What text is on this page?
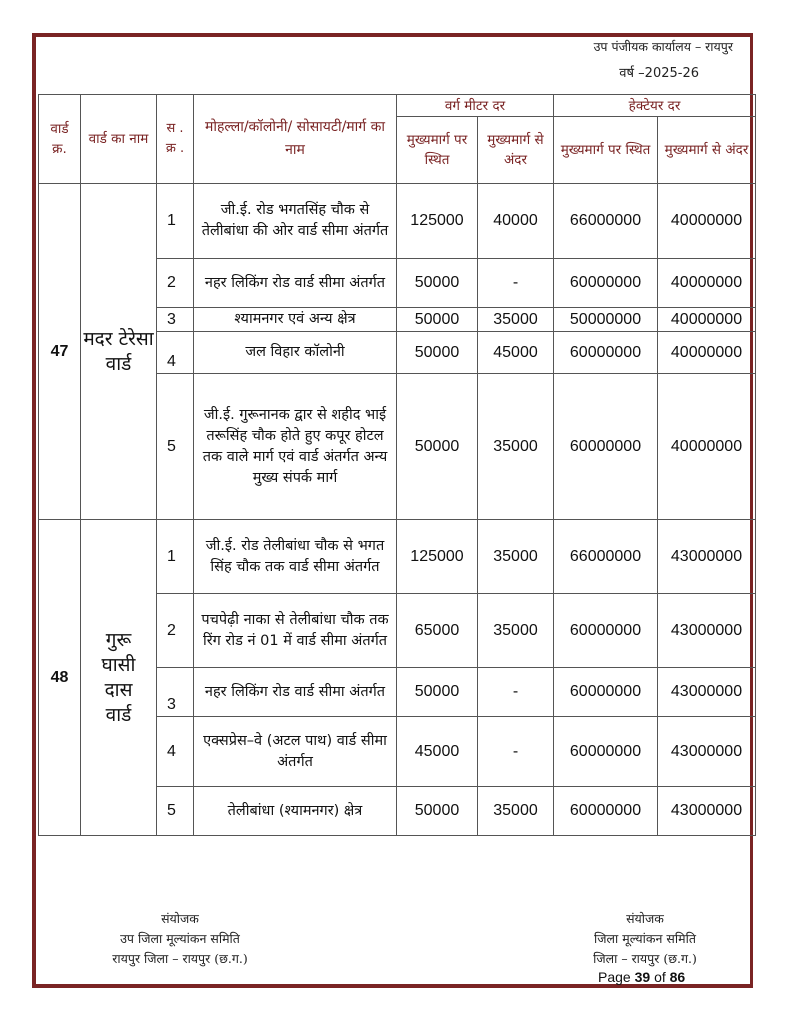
उप पंजीयक कार्यालय – रायपुर
वर्ष –2025-26
वार्ड क्र.	वार्ड का नाम	स . क्र .	मोहल्ला/कॉलोनी/ सोसायटी/मार्ग का नाम	वर्ग मीटर दर		हेक्टेयर दर	
				मुख्यमार्ग पर स्थित	मुख्यमार्ग से अंदर	मुख्यमार्ग पर स्थित	मुख्यमार्ग से अंदर
47	मदर टेरेसा वार्ड	1	जी.ई. रोड भगतसिंह चौक से तेलीबांधा की ओर वार्ड सीमा अंतर्गत	125000	40000	66000000	40000000
		2	नहर लिकिंग रोड वार्ड सीमा अंतर्गत	50000	-	60000000	40000000
		3	श्यामनगर एवं अन्य क्षेत्र	50000	35000	50000000	40000000
		4	जल विहार कॉलोनी	50000	45000	60000000	40000000
		5	जी.ई. गुरूनानक द्वार से शहीद भाई तरूसिंह चौक होते हुए कपूर होटल तक वाले मार्ग एवं वार्ड अंतर्गत अन्य मुख्य संपर्क मार्ग	50000	35000	60000000	40000000
48	गुरू घासी दास वार्ड	1	जी.ई. रोड तेलीबांधा चौक से भगत सिंह चौक तक वार्ड सीमा अंतर्गत	125000	35000	66000000	43000000
		2	पचपेढ़ी नाका से तेलीबांधा चौक तक रिंग रोड नं 01 में वार्ड सीमा अंतर्गत	65000	35000	60000000	43000000
		3	नहर लिकिंग रोड वार्ड सीमा अंतर्गत	50000	-	60000000	43000000
		4	एक्सप्रेस–वे (अटल पाथ) वार्ड सीमा अंतर्गत	45000	-	60000000	43000000
		5	तेलीबांधा (श्यामनगर) क्षेत्र	50000	35000	60000000	43000000
संयोजक
उप जिला मूल्यांकन समिति
रायपुर जिला – रायपुर (छ.ग.)
संयोजक
जिला मूल्यांकन समिति
जिला – रायपुर (छ.ग.)
Page 39 of 86
